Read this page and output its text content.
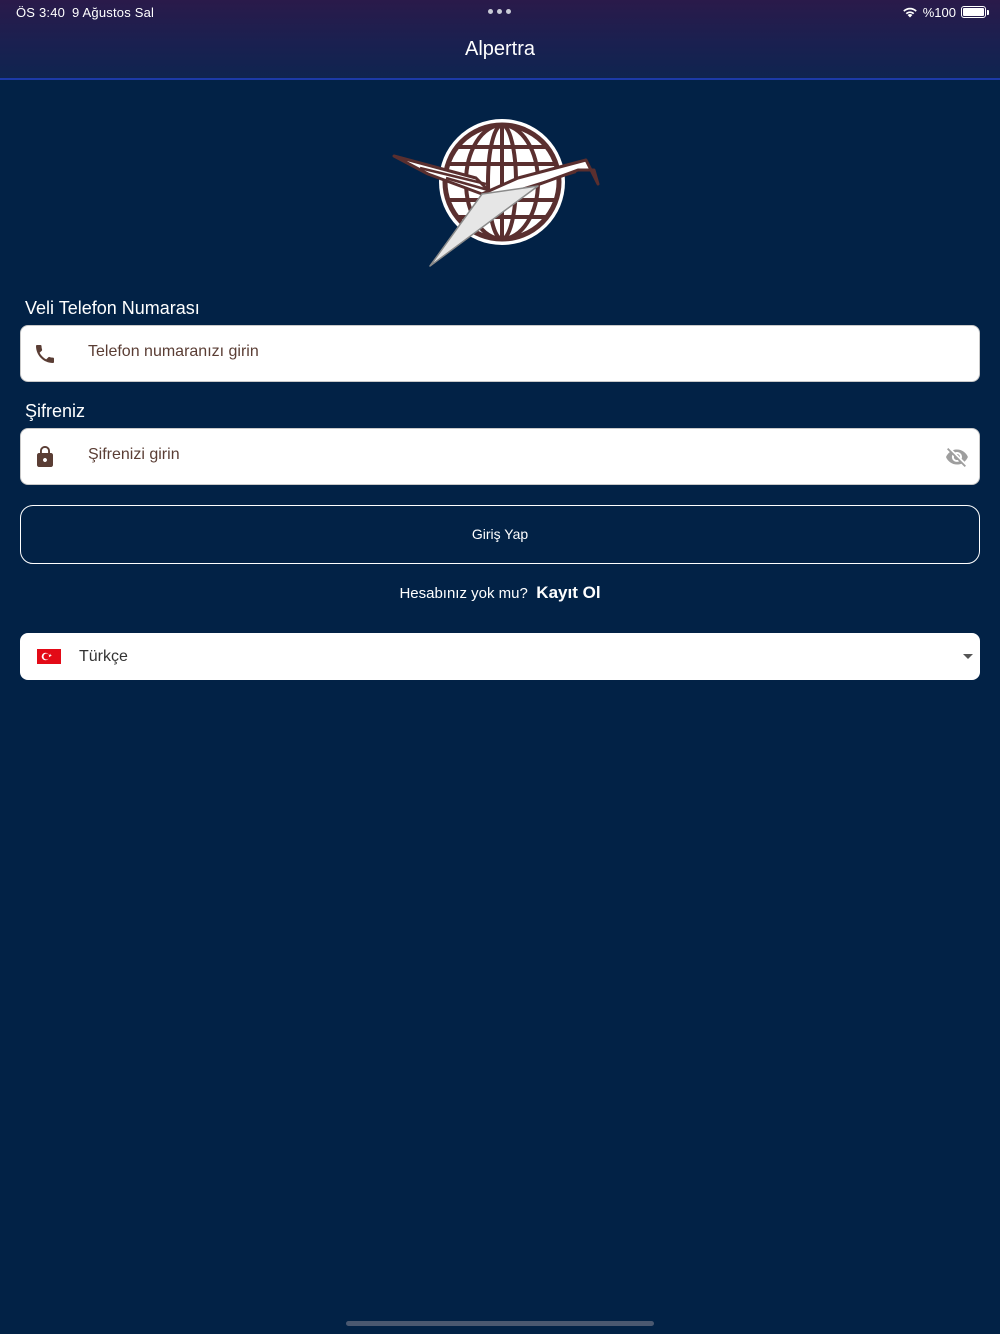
ÖS 3:40 9 Ağustos Sal	%100
Alpertra
Veli Telefon Numarası
Telefon numaranızı girin
Şifreniz
Şifrenizi girin
Giriş Yap
Hesabınız yok mu? Kayıt Ol
Türkçe
